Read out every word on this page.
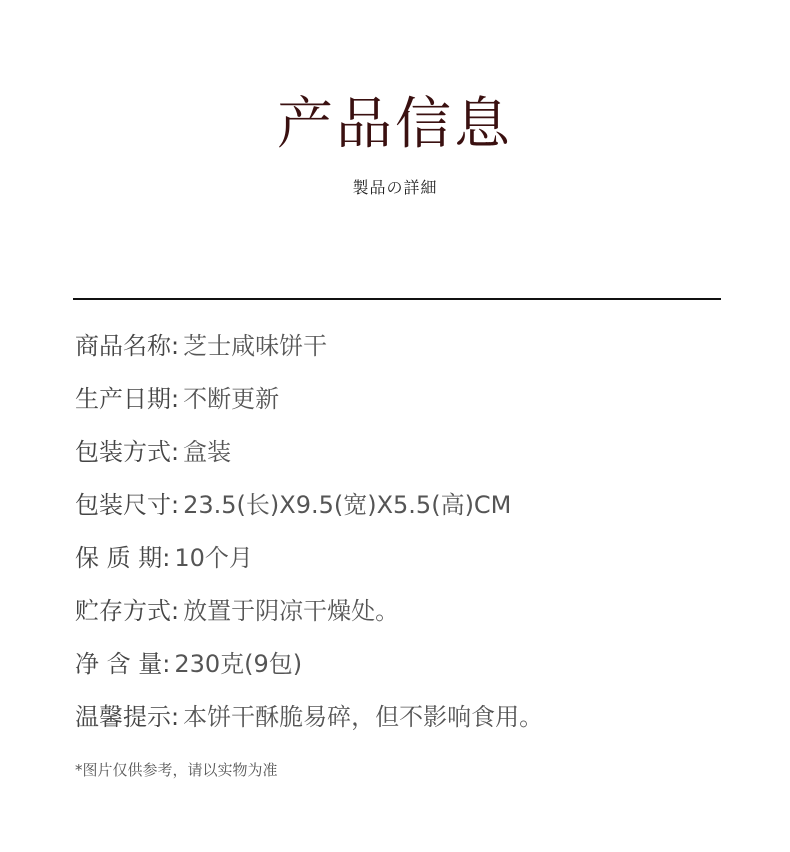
产品信息
製品の詳細
商品名称 : 芝士咸味饼干
生产日期 : 不断更新
包装方式 : 盒装
包装尺寸 : 23.5(长)X9.5(宽)X5.5(高)CM
保 质 期 : 10个月
贮存方式 : 放置于阴凉干燥处。
净 含 量 : 230克(9包)
温馨提示 : 本饼干酥脆易碎，但不影响食用。
*图片仅供参考，请以实物为准
